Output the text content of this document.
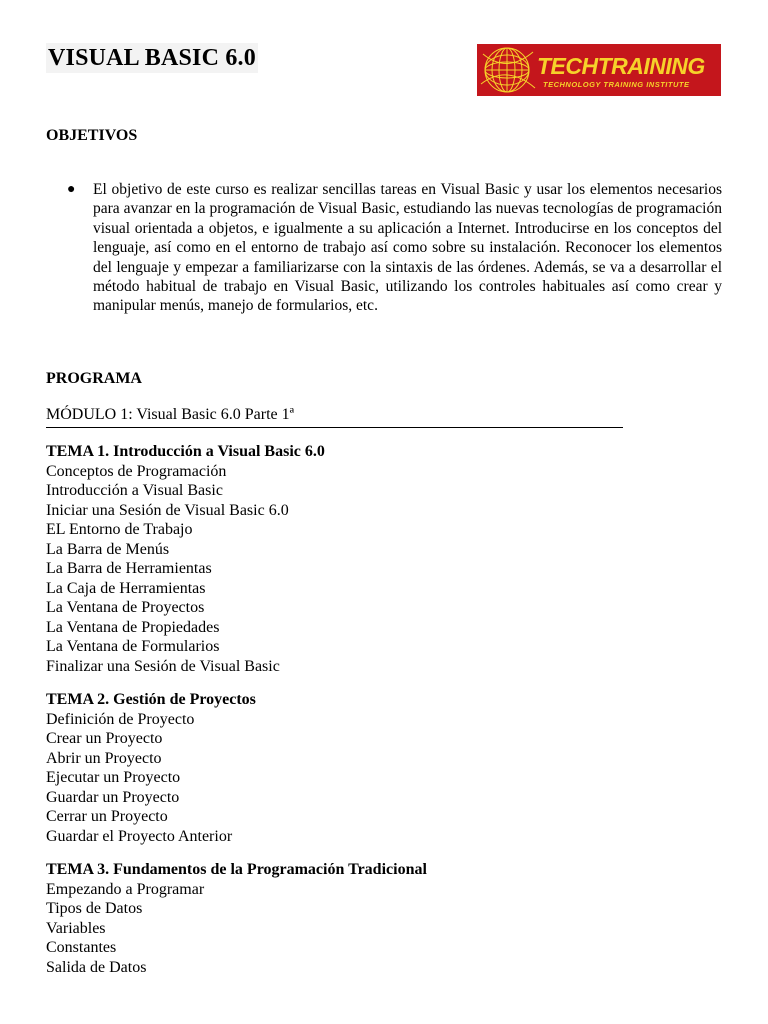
VISUAL BASIC 6.0	TECHTRAINING
TECHNOLOGY TRAINING INSTITUTE
OBJETIVOS
● El objetivo de este curso es realizar sencillas tareas en Visual Basic y usar los elementos necesarios para avanzar en la programación de Visual Basic, estudiando las nuevas tecnologías de programación visual orientada a objetos, e igualmente a su aplicación a Internet. Introducirse en los conceptos del lenguaje, así como en el entorno de trabajo así como sobre su instalación. Reconocer los elementos del lenguaje y empezar a familiarizarse con la sintaxis de las órdenes. Además, se va a desarrollar el método habitual de trabajo en Visual Basic, utilizando los controles habituales así como crear y manipular menús, manejo de formularios, etc.
PROGRAMA
MÓDULO 1: Visual Basic 6.0 Parte 1ª
TEMA 1. Introducción a Visual Basic 6.0
Conceptos de Programación
Introducción a Visual Basic
Iniciar una Sesión de Visual Basic 6.0
EL Entorno de Trabajo
La Barra de Menús
La Barra de Herramientas
La Caja de Herramientas
La Ventana de Proyectos
La Ventana de Propiedades
La Ventana de Formularios
Finalizar una Sesión de Visual Basic
TEMA 2. Gestión de Proyectos
Definición de Proyecto
Crear un Proyecto
Abrir un Proyecto
Ejecutar un Proyecto
Guardar un Proyecto
Cerrar un Proyecto
Guardar el Proyecto Anterior
TEMA 3. Fundamentos de la Programación Tradicional
Empezando a Programar
Tipos de Datos
Variables
Constantes
Salida de Datos
